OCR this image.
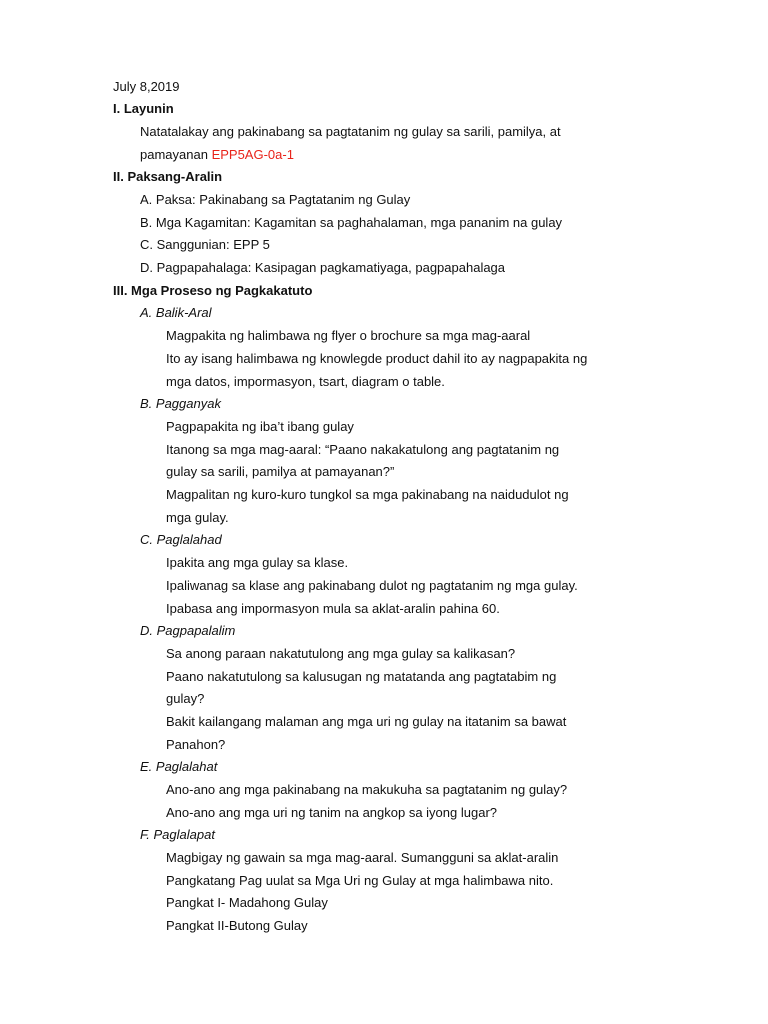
July 8,2019
I. Layunin
Natatalakay ang pakinabang sa pagtatanim ng gulay sa sarili, pamilya, at
pamayanan EPP5AG-0a-1
II. Paksang-Aralin
A. Paksa: Pakinabang sa Pagtatanim ng Gulay
B. Mga Kagamitan: Kagamitan sa paghahalaman, mga pananim na gulay
C. Sanggunian: EPP 5
D. Pagpapahalaga: Kasipagan pagkamatiyaga, pagpapahalaga
III. Mga Proseso ng Pagkakatuto
A. Balik-Aral
Magpakita ng halimbawa ng flyer o brochure sa mga mag-aaral
Ito ay isang halimbawa ng knowlegde product dahil ito ay nagpapakita ng
mga datos, impormasyon, tsart, diagram o table.
B. Pagganyak
Pagpapakita ng iba’t ibang gulay
Itanong sa mga mag-aaral: “Paano nakakatulong ang pagtatanim ng
gulay sa sarili, pamilya at pamayanan?”
Magpalitan ng kuro-kuro tungkol sa mga pakinabang na naidudulot ng
mga gulay.
C. Paglalahad
Ipakita ang mga gulay sa klase.
Ipaliwanag sa klase ang pakinabang dulot ng pagtatanim ng mga gulay.
Ipabasa ang impormasyon mula sa aklat-aralin pahina 60.
D. Pagpapalalim
Sa anong paraan nakatutulong ang mga gulay sa kalikasan?
Paano nakatutulong sa kalusugan ng matatanda ang pagtatabim ng
gulay?
Bakit kailangang malaman ang mga uri ng gulay na itatanim sa bawat
Panahon?
E. Paglalahat
Ano-ano ang mga pakinabang na makukuha sa pagtatanim ng gulay?
Ano-ano ang mga uri ng tanim na angkop sa iyong lugar?
F. Paglalapat
Magbigay ng gawain sa mga mag-aaral. Sumangguni sa aklat-aralin
Pangkatang Pag uulat sa Mga Uri ng Gulay at mga halimbawa nito.
Pangkat I- Madahong Gulay
Pangkat II-Butong Gulay
